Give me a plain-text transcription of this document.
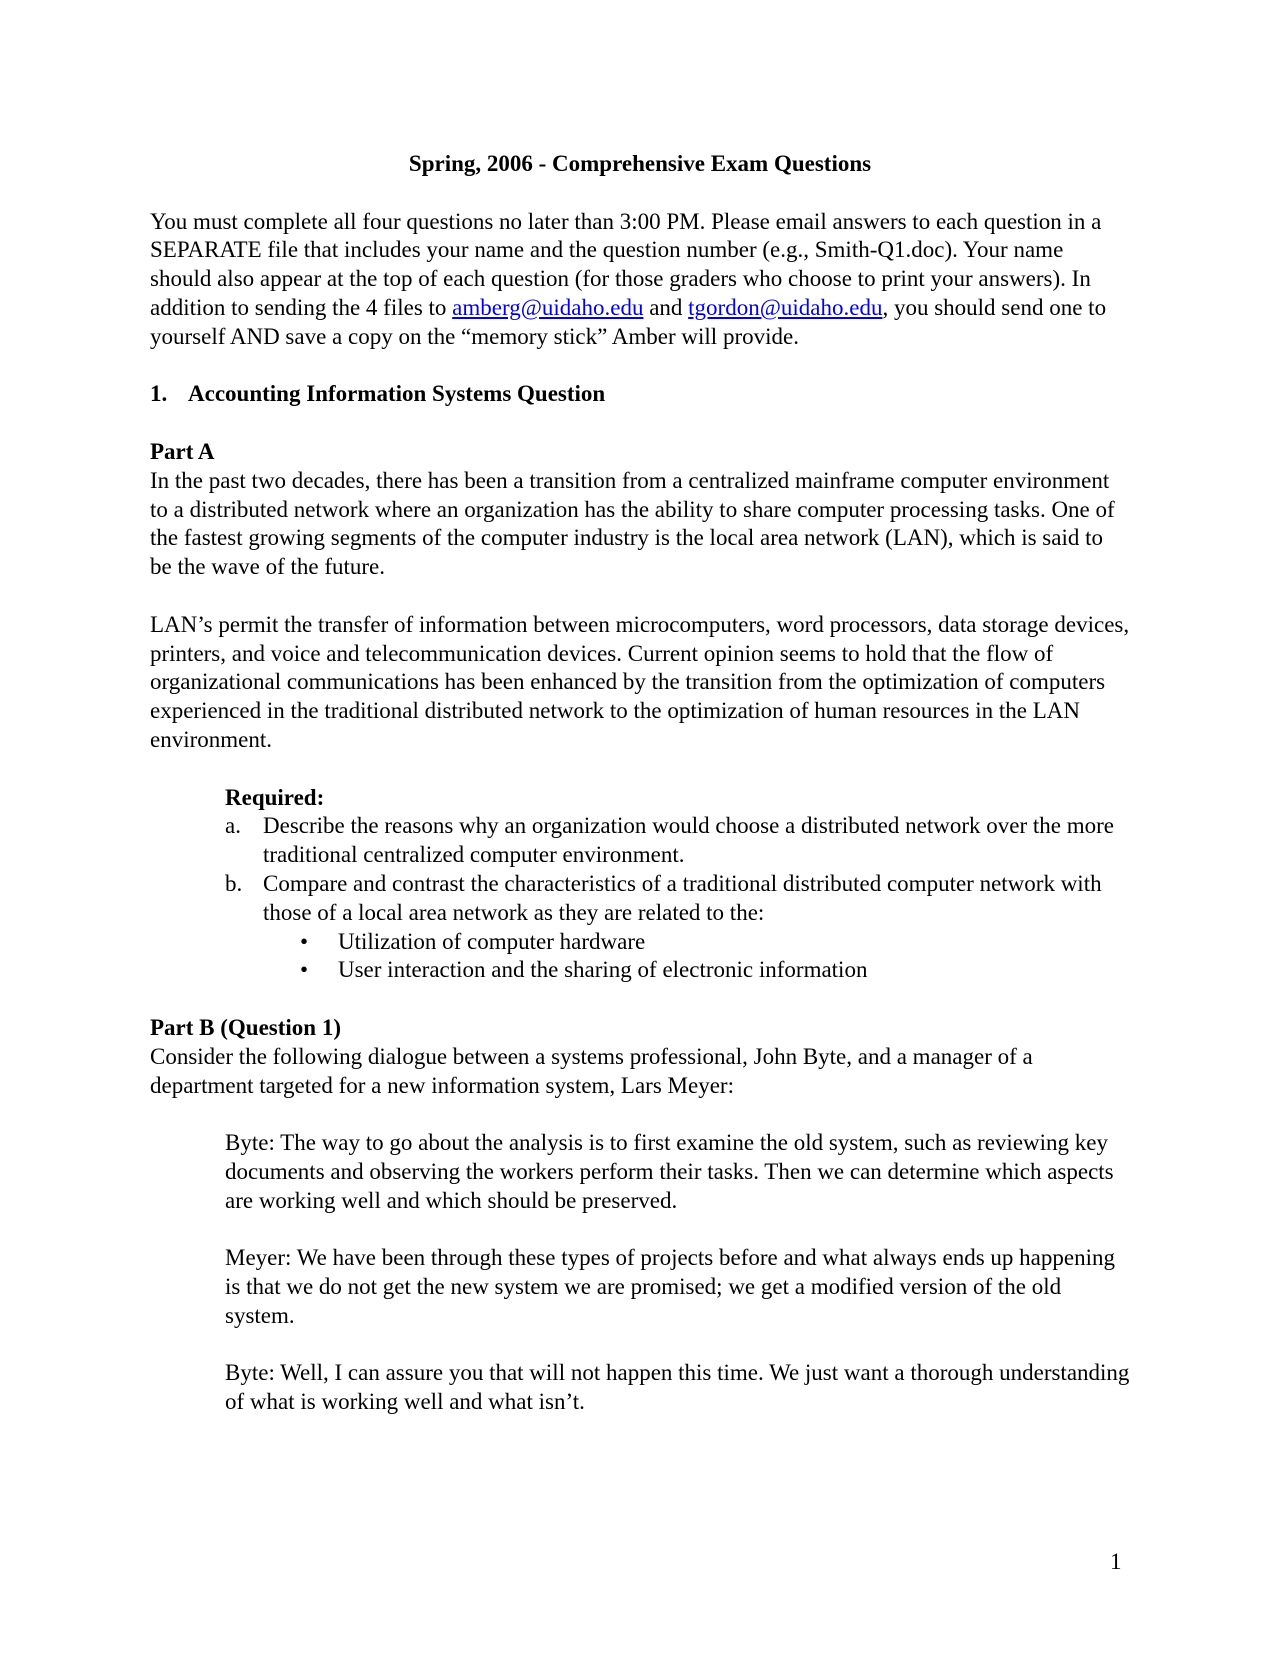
Spring, 2006 - Comprehensive Exam Questions

You must complete all four questions no later than 3:00 PM. Please email answers to each question in a SEPARATE file that includes your name and the question number (e.g., Smith-Q1.doc). Your name should also appear at the top of each question (for those graders who choose to print your answers). In addition to sending the 4 files to amberg@uidaho.edu and tgordon@uidaho.edu, you should send one to yourself AND save a copy on the “memory stick” Amber will provide.

1. Accounting Information Systems Question

Part A

In the past two decades, there has been a transition from a centralized mainframe computer environment to a distributed network where an organization has the ability to share computer processing tasks. One of the fastest growing segments of the computer industry is the local area network (LAN), which is said to be the wave of the future.

LAN’s permit the transfer of information between microcomputers, word processors, data storage devices, printers, and voice and telecommunication devices. Current opinion seems to hold that the flow of organizational communications has been enhanced by the transition from the optimization of computers experienced in the traditional distributed network to the optimization of human resources in the LAN environment.

Required:

a. Describe the reasons why an organization would choose a distributed network over the more traditional centralized computer environment.
b. Compare and contrast the characteristics of a traditional distributed computer network with those of a local area network as they are related to the:
• Utilization of computer hardware
• User interaction and the sharing of electronic information

Part B (Question 1)

Consider the following dialogue between a systems professional, John Byte, and a manager of a department targeted for a new information system, Lars Meyer:

Byte: The way to go about the analysis is to first examine the old system, such as reviewing key documents and observing the workers perform their tasks. Then we can determine which aspects are working well and which should be preserved.

Meyer: We have been through these types of projects before and what always ends up happening is that we do not get the new system we are promised; we get a modified version of the old system.

Byte: Well, I can assure you that will not happen this time. We just want a thorough understanding of what is working well and what isn’t.

1
